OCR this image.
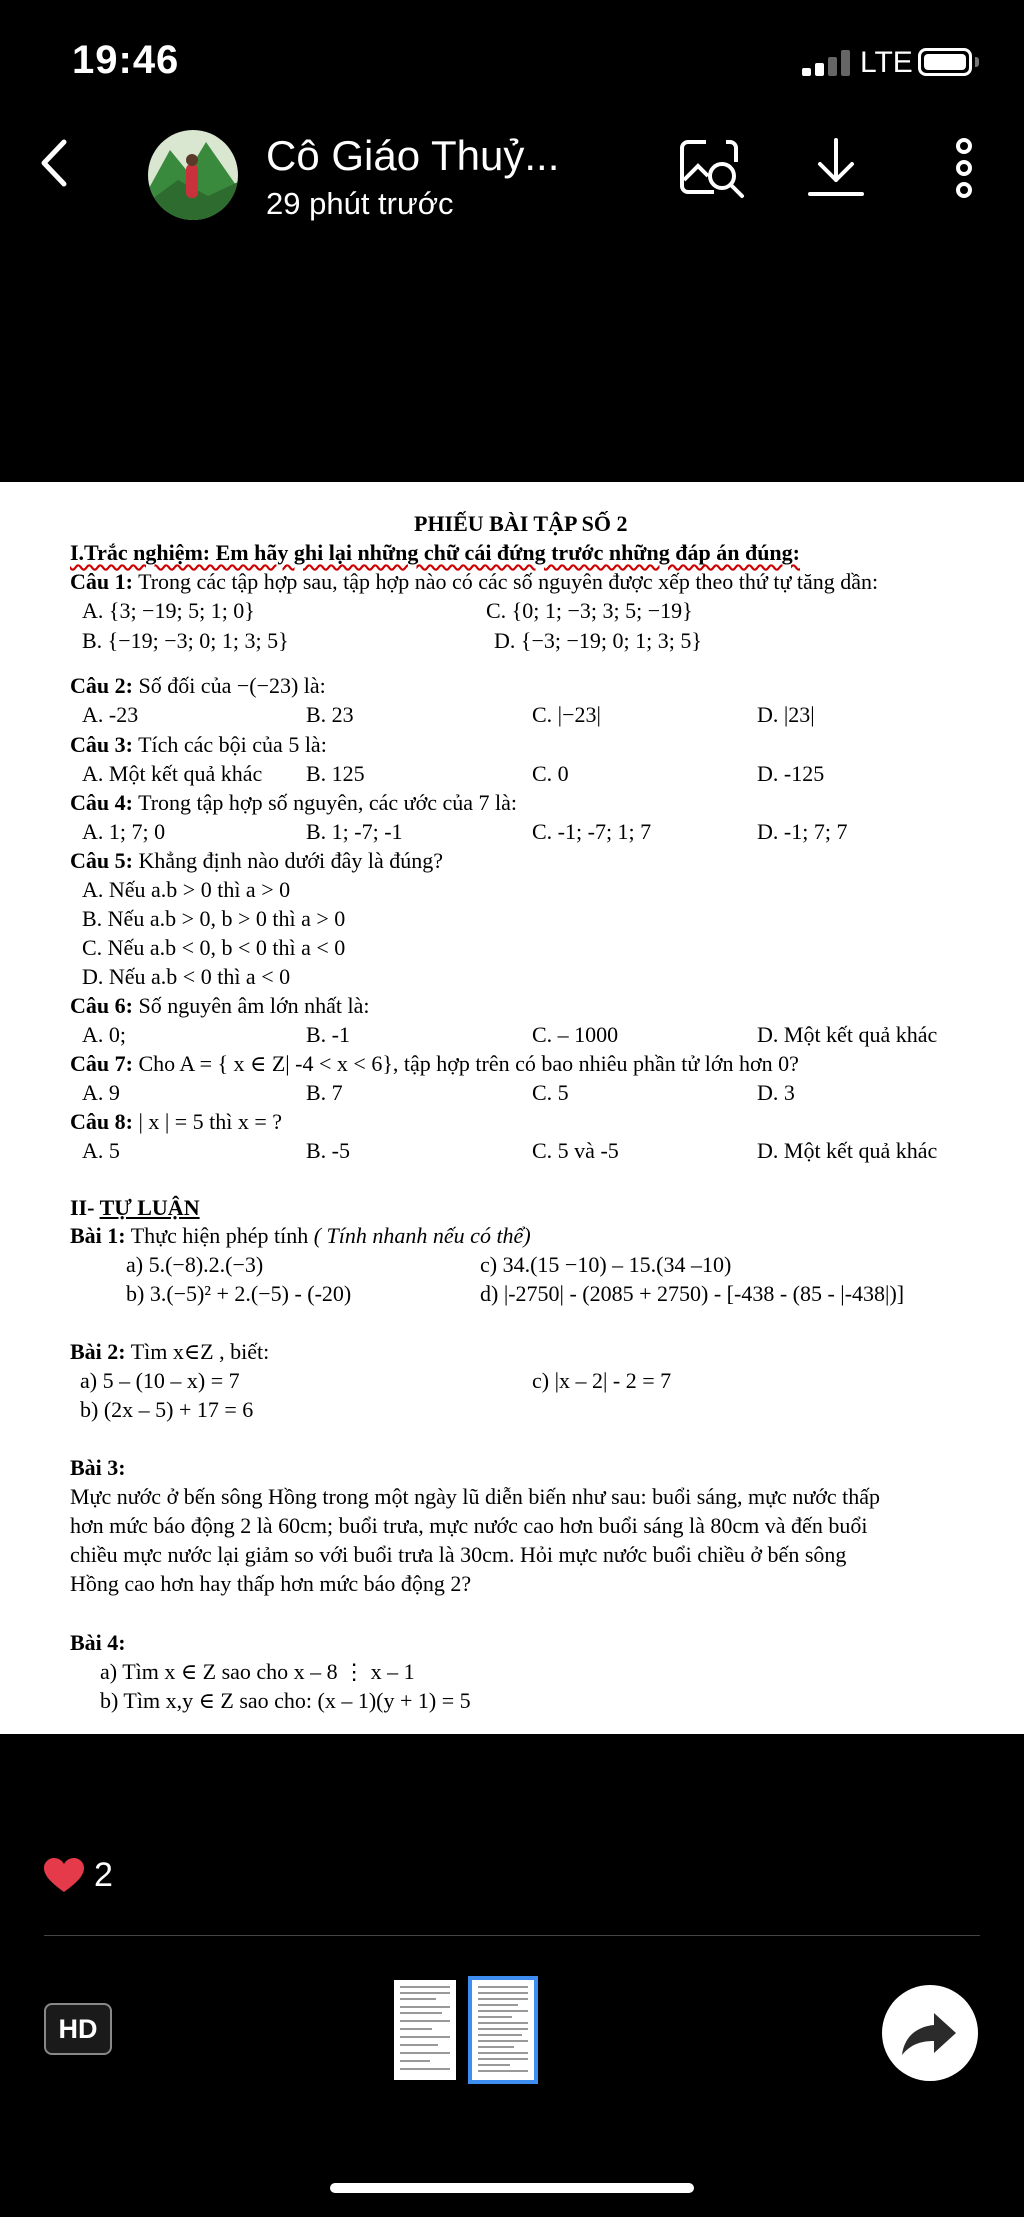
19:46	LTE
Cô Giáo Thuỷ...
29 phút trước
PHIẾU BÀI TẬP SỐ 2
I.Trắc nghiệm: Em hãy ghi lại những chữ cái đứng trước những đáp án đúng:
Câu 1: Trong các tập hợp sau, tập hợp nào có các số nguyên được xếp theo thứ tự tăng dần:
A. {3; −19; 5; 1; 0}	C. {0; 1; −3; 3; 5; −19}
B. {−19; −3; 0; 1; 3; 5}	D. {−3; −19; 0; 1; 3; 5}
Câu 2: Số đối của −(−23) là:
A. -23	B. 23	C. |−23|	D. |23|
Câu 3: Tích các bội của 5 là:
A. Một kết quả khác B. 125	C. 0	D. -125
Câu 4: Trong tập hợp số nguyên, các ước của 7 là:
A. 1; 7; 0	B. 1; -7; -1	C. -1; -7; 1; 7	D. -1; 7; 7
Câu 5: Khẳng định nào dưới đây là đúng?
A. Nếu a.b > 0 thì a > 0
B. Nếu a.b > 0, b > 0 thì a > 0
C. Nếu a.b < 0, b < 0 thì a < 0
D. Nếu a.b < 0 thì a < 0
Câu 6: Số nguyên âm lớn nhất là:
A. 0;	B. -1	C. – 1000	D. Một kết quả khác
Câu 7: Cho A = { x ∈ Z| -4 < x < 6}, tập hợp trên có bao nhiêu phần tử lớn hơn 0?
A. 9	B. 7	C. 5	D. 3
Câu 8: | x | = 5 thì x = ?
A. 5	B. -5	C. 5 và -5	D. Một kết quả khác
II- TỰ LUẬN
Bài 1: Thực hiện phép tính ( Tính nhanh nếu có thể)
a) 5.(−8).2.(−3)	c) 34.(15 −10) – 15.(34 –10)
b) 3.(−5)² + 2.(−5) - (-20)	d) |-2750| - (2085 + 2750) - [-438 - (85 - |-438|)]
Bài 2: Tìm x∈Z , biết:
a) 5 – (10 – x) = 7	c) |x – 2| - 2 = 7
b) (2x – 5) + 17 = 6
Bài 3:
Mực nước ở bến sông Hồng trong một ngày lũ diễn biến như sau: buổi sáng, mực nước thấp
hơn mức báo động 2 là 60cm; buổi trưa, mực nước cao hơn buổi sáng là 80cm và đến buổi
chiều mực nước lại giảm so với buổi trưa là 30cm. Hỏi mực nước buổi chiều ở bến sông
Hồng cao hơn hay thấp hơn mức báo động 2?
Bài 4:
a) Tìm x ∈ Z sao cho x – 8 ⋮ x – 1
b) Tìm x,y ∈ Z sao cho: (x – 1)(y + 1) = 5
2
HD
